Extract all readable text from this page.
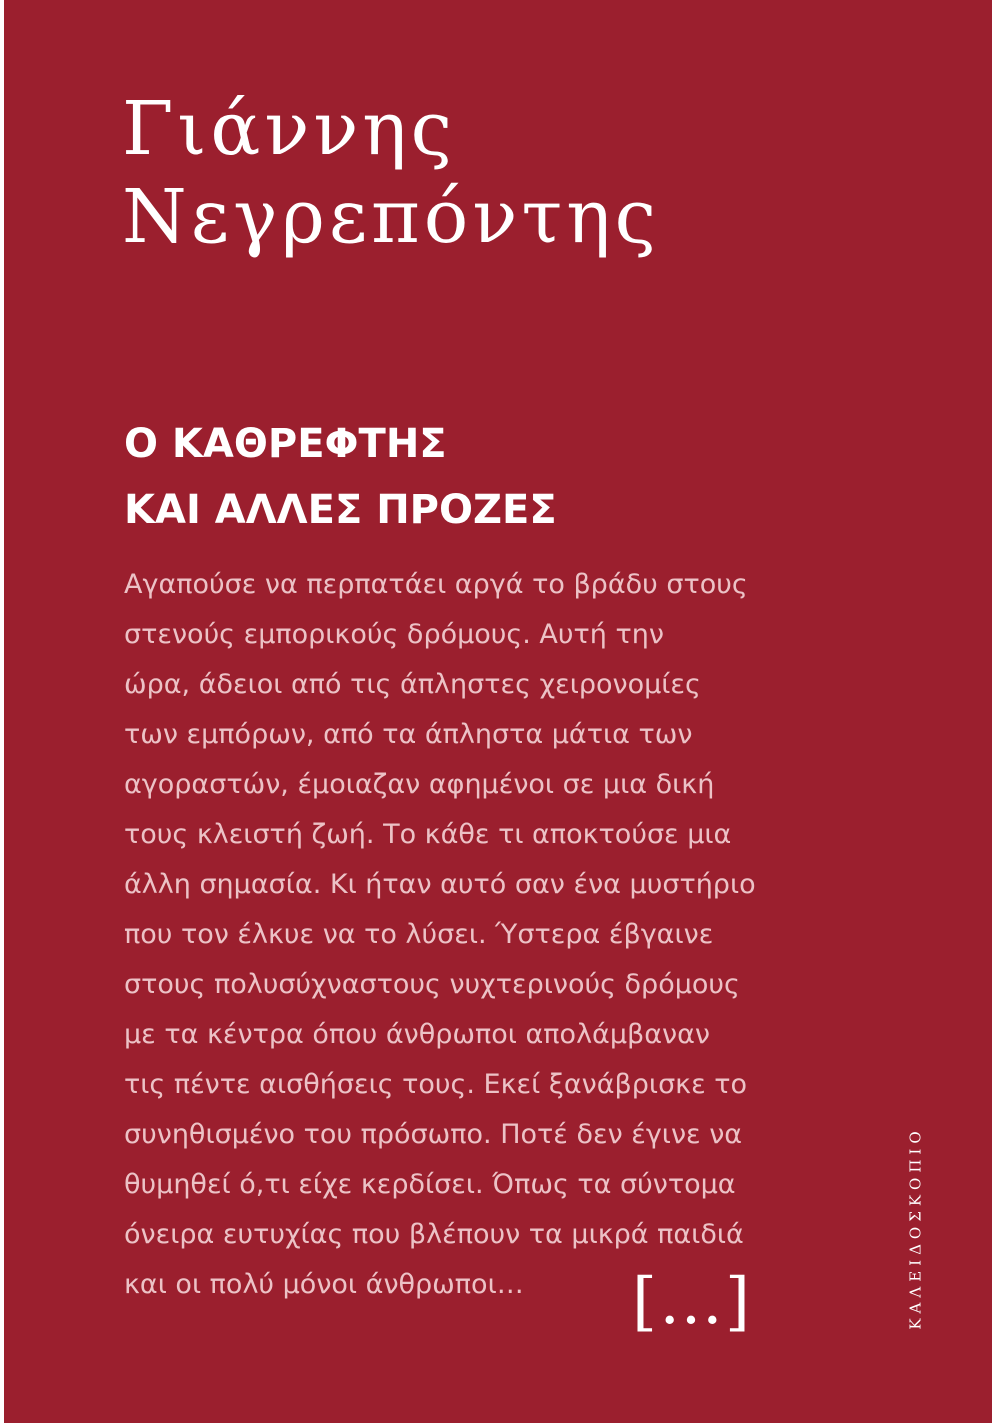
Γιάννης
Νεγρεπόντης
Ο ΚΑΘΡΕΦΤΗΣ
ΚΑΙ ΑΛΛΕΣ ΠΡΟΖΕΣ
Αγαπούσε να περπατάει αργά το βράδυ στους
στενούς εμπορικούς δρόμους. Αυτή την
ώρα, άδειοι από τις άπληστες χειρονομίες
των εμπόρων, από τα άπληστα μάτια των
αγοραστών, έμοιαζαν αφημένοι σε μια δική
τους κλειστή ζωή. Το κάθε τι αποκτούσε μια
άλλη σημασία. Κι ήταν αυτό σαν ένα μυστήριο
που τον έλκυε να το λύσει. Ύστερα έβγαινε
στους πολυσύχναστους νυχτερινούς δρόμους
με τα κέντρα όπου άνθρωποι απολάμβαναν
τις πέντε αισθήσεις τους. Εκεί ξανάβρισκε το
συνηθισμένο του πρόσωπο. Ποτέ δεν έγινε να
θυμηθεί ό,τι είχε κερδίσει. Όπως τα σύντομα
όνειρα ευτυχίας που βλέπουν τα μικρά παιδιά
και οι πολύ μόνοι άνθρωποι…	[…]	ΚΑΛΕΙΔΟΣΚΟΠΙΟ
